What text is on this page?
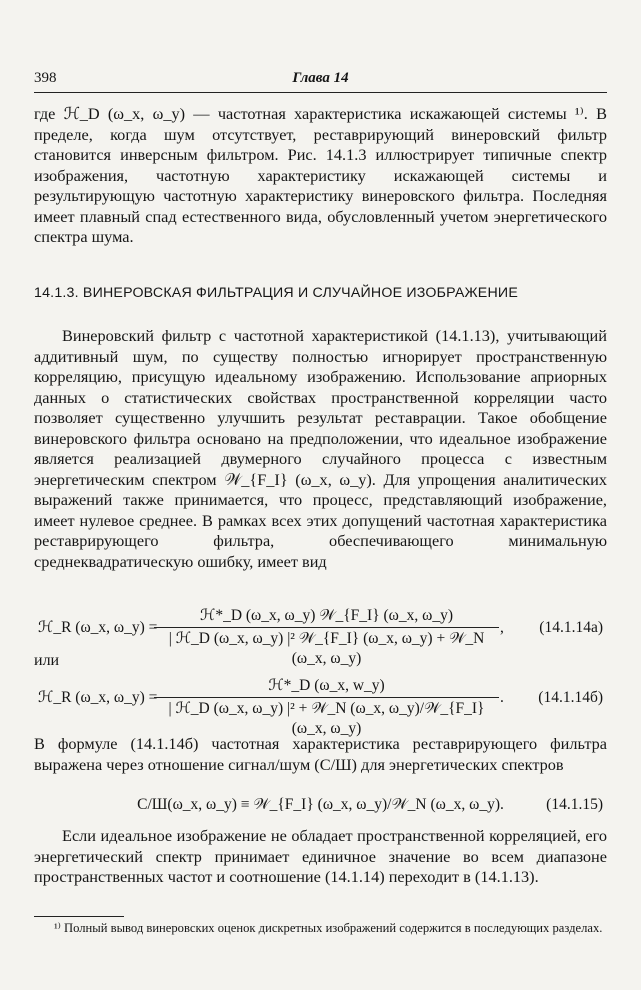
398	Глава 14

где ℋ_D (ω_x, ω_y) — частотная характеристика искажающей системы ¹⁾. В пределе, когда шум отсутствует, реставрирующий винеровский фильтр становится инверсным фильтром. Рис. 14.1.3 иллюстрирует типичные спектр изображения, частотную характеристику искажающей системы и результирующую частотную характеристику винеровского фильтра. Последняя имеет плавный спад естественного вида, обусловленный учетом энергетического спектра шума.

14.1.3. ВИНЕРОВСКАЯ ФИЛЬТРАЦИЯ И СЛУЧАЙНОЕ ИЗОБРАЖЕНИЕ

Винеровский фильтр с частотной характеристикой (14.1.13), учитывающий аддитивный шум, по существу полностью игнорирует пространственную корреляцию, присущую идеальному изображению. Использование априорных данных о статистических свойствах пространственной корреляции часто позволяет существенно улучшить результат реставрации. Такое обобщение винеровского фильтра основано на предположении, что идеальное изображение является реализацией двумерного случайного процесса с известным энергетическим спектром 𝒲_{F_I} (ω_x, ω_y). Для упрощения аналитических выражений также принимается, что процесс, представляющий изображение, имеет нулевое среднее. В рамках всех этих допущений частотная характеристика реставрирующего фильтра, обеспечивающего минимальную среднеквадратическую ошибку, имеет вид

ℋ_R (ω_x, ω_y) =
ℋ*_D (ω_x, ω_y) 𝒲_{F_I} (ω_x, ω_y)
| ℋ_D (ω_x, ω_y) |² 𝒲_{F_I} (ω_x, ω_y) + 𝒲_N (ω_x, ω_y)
, (14.1.14а)
или
ℋ_R (ω_x, ω_y) =
ℋ*_D (ω_x, w_y)
| ℋ_D (ω_x, ω_y) |² + 𝒲_N (ω_x, ω_y)/𝒲_{F_I} (ω_x, ω_y)
. (14.1.14б)

В формуле (14.1.14б) частотная характеристика реставрирующего фильтра выражена через отношение сигнал/шум (С/Ш) для энергетических спектров

С/Ш(ω_x, ω_y) ≡ 𝒲_{F_I} (ω_x, ω_y)/𝒲_N (ω_x, ω_y).	(14.1.15)

Если идеальное изображение не обладает пространственной корреляцией, его энергетический спектр принимает единичное значение во всем диапазоне пространственных частот и соотношение (14.1.14) переходит в (14.1.13).

¹⁾ Полный вывод винеровских оценок дискретных изображений содержится в последующих разделах.
